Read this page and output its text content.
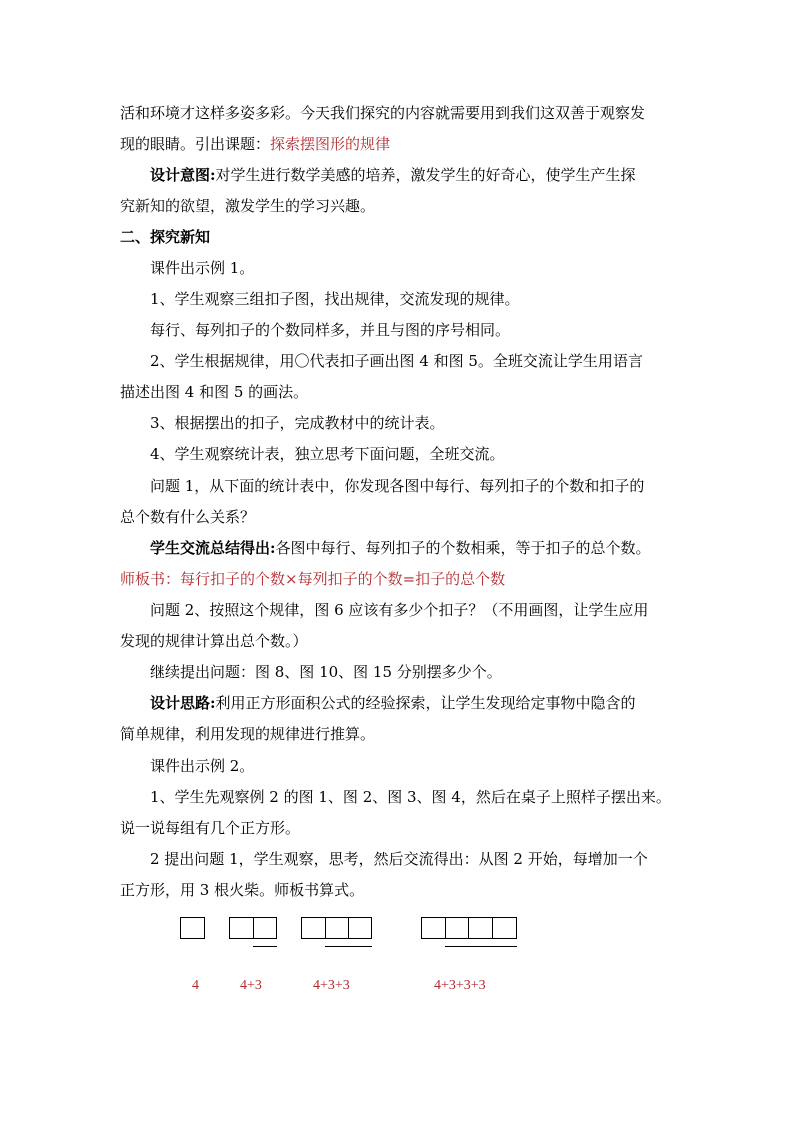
活和环境才这样多姿多彩。今天我们探究的内容就需要用到我们这双善于观察发
现的眼睛。引出课题：探索摆图形的规律
设计意图:对学生进行数学美感的培养，激发学生的好奇心，使学生产生探
究新知的欲望，激发学生的学习兴趣。
二、探究新知
课件出示例 1。
1、学生观察三组扣子图，找出规律，交流发现的规律。
每行、每列扣子的个数同样多，并且与图的序号相同。
2、学生根据规律，用〇代表扣子画出图 4 和图 5。全班交流让学生用语言
描述出图 4 和图 5 的画法。
3、根据摆出的扣子，完成教材中的统计表。
4、学生观察统计表，独立思考下面问题，全班交流。
问题 1，从下面的统计表中，你发现各图中每行、每列扣子的个数和扣子的
总个数有什么关系？
学生交流总结得出:各图中每行、每列扣子的个数相乘，等于扣子的总个数。
师板书：每行扣子的个数×每列扣子的个数=扣子的总个数
问题 2、按照这个规律，图 6 应该有多少个扣子？（不用画图，让学生应用
发现的规律计算出总个数。）
继续提出问题：图 8、图 10、图 15 分别摆多少个。
设计思路:利用正方形面积公式的经验探索，让学生发现给定事物中隐含的
简单规律，利用发现的规律进行推算。
课件出示例 2。
1、学生先观察例 2 的图 1、图 2、图 3、图 4，然后在桌子上照样子摆出来。
说一说每组有几个正方形。
2 提出问题 1，学生观察，思考，然后交流得出：从图 2 开始，每增加一个
正方形，用 3 根火柴。师板书算式。
4	4+3	4+3+3	4+3+3+3
